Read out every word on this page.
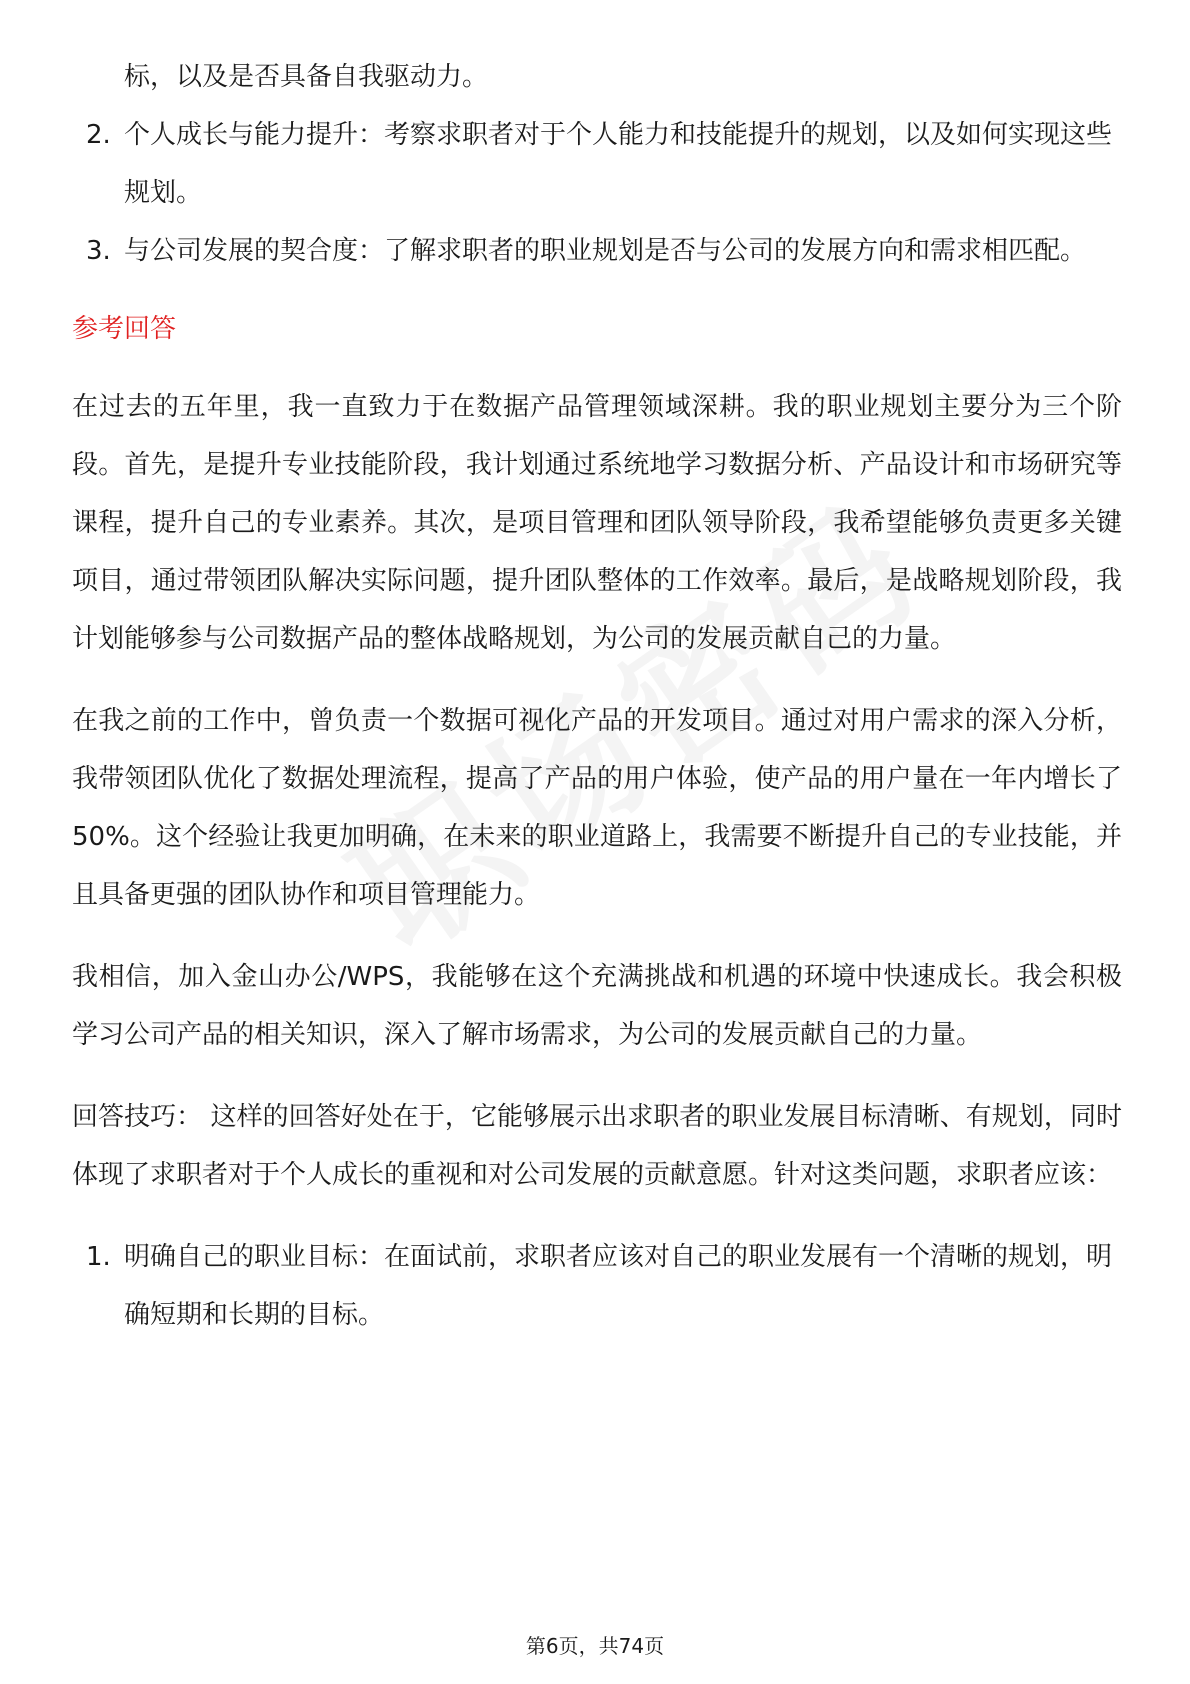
标，以及是否具备自我驱动力。
2. 个人成长与能力提升：考察求职者对于个人能力和技能提升的规划，以及如何实现这些规划。
3. 与公司发展的契合度：了解求职者的职业规划是否与公司的发展方向和需求相匹配。
参考回答

在过去的五年里，我一直致力于在数据产品管理领域深耕。我的职业规划主要分为三个阶段。首先，是提升专业技能阶段，我计划通过系统地学习数据分析、产品设计和市场研究等课程，提升自己的专业素养。其次，是项目管理和团队领导阶段，我希望能够负责更多关键项目，通过带领团队解决实际问题，提升团队整体的工作效率。最后，是战略规划阶段，我计划能够参与公司数据产品的整体战略规划，为公司的发展贡献自己的力量。

在我之前的工作中，曾负责一个数据可视化产品的开发项目。通过对用户需求的深入分析，我带领团队优化了数据处理流程，提高了产品的用户体验，使产品的用户量在一年内增长了50%。这个经验让我更加明确，在未来的职业道路上，我需要不断提升自己的专业技能，并且具备更强的团队协作和项目管理能力。

我相信，加入金山办公/WPS，我能够在这个充满挑战和机遇的环境中快速成长。我会积极学习公司产品的相关知识，深入了解市场需求，为公司的发展贡献自己的力量。

回答技巧： 这样的回答好处在于，它能够展示出求职者的职业发展目标清晰、有规划，同时体现了求职者对于个人成长的重视和对公司发展的贡献意愿。针对这类问题，求职者应该：

1. 明确自己的职业目标：在面试前，求职者应该对自己的职业发展有一个清晰的规划，明确短期和长期的目标。
第6页，共74页
